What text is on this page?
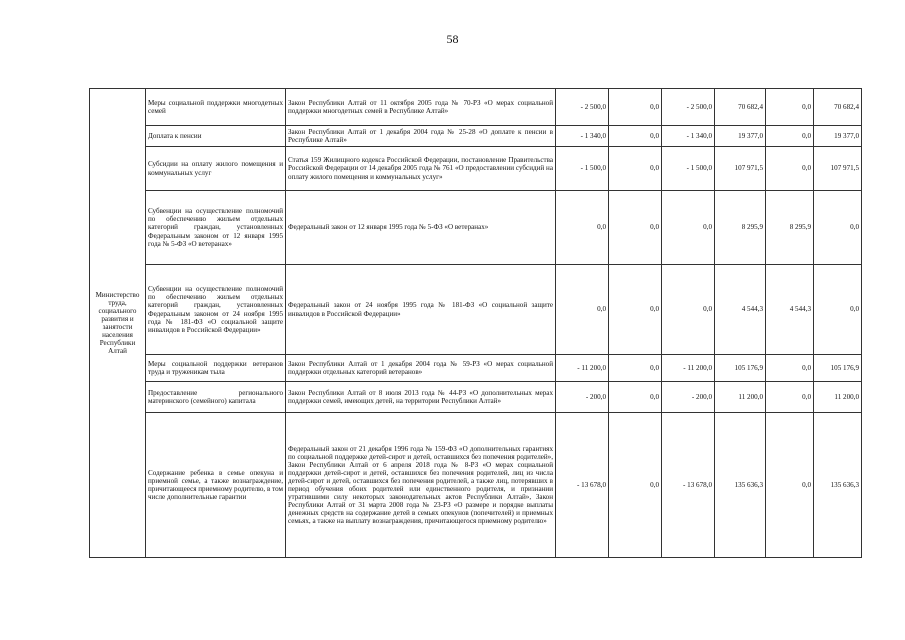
58
Министерство труда, социального развития и занятости населения Республики Алтай	Меры социальной поддержки многодетных семей	Закон Республики Алтай от 11 октября 2005 года № 70-РЗ «О мерах социальной поддержки многодетных семей в Республике Алтай»	- 2 500,0	0,0	- 2 500,0	70 682,4	0,0	70 682,4
	Доплата к пенсии	Закон Республики Алтай от 1 декабря 2004 года № 25-28 «О доплате к пенсии в Республике Алтай»	- 1 340,0	0,0	- 1 340,0	19 377,0	0,0	19 377,0
	Субсидии на оплату жилого помещения и коммунальных услуг	Статья 159 Жилищного кодекса Российской Федерации, постановление Правительства Российской Федерации от 14 декабря 2005 года № 761 «О предоставлении субсидий на оплату жилого помещения и коммунальных услуг»	- 1 500,0	0,0	- 1 500,0	107 971,5	0,0	107 971,5
	Субвенции на осуществление полномочий по обеспечению жильем отдельных категорий граждан, установленных Федеральным законом от 12 января 1995 года № 5-ФЗ «О ветеранах»	Федеральный закон от 12 января 1995 года № 5-ФЗ «О ветеранах»	0,0	0,0	0,0	8 295,9	8 295,9	0,0
	Субвенции на осуществление полномочий по обеспечению жильем отдельных категорий граждан, установленных Федеральным законом от 24 ноября 1995 года № 181-ФЗ «О социальной защите инвалидов в Российской Федерации»	Федеральный закон от 24 ноября 1995 года № 181-ФЗ «О социальной защите инвалидов в Российской Федерации»	0,0	0,0	0,0	4 544,3	4 544,3	0,0
	Меры социальной поддержки ветеранов труда и труженикам тыла	Закон Республики Алтай от 1 декабря 2004 года № 59-РЗ «О мерах социальной поддержки отдельных категорий ветеранов»	- 11 200,0	0,0	- 11 200,0	105 176,9	0,0	105 176,9
	Предоставление регионального материнского (семейного) капитала	Закон Республики Алтай от 8 июля 2013 года № 44-РЗ «О дополнительных мерах поддержки семей, имеющих детей, на территории Республики Алтай»	- 200,0	0,0	- 200,0	11 200,0	0,0	11 200,0
	Содержание ребенка в семье опекуна и приемной семье, а также вознаграждение, причитающееся приемному родителю, в том числе дополнительные гарантии	Федеральный закон от 21 декабря 1996 года № 159-ФЗ «О дополнительных гарантиях по социальной поддержке детей-сирот и детей, оставшихся без попечения родителей», Закон Республики Алтай от 6 апреля 2018 года № 8-РЗ «О мерах социальной поддержки детей-сирот и детей, оставшихся без попечения родителей, лиц из числа детей-сирот и детей, оставшихся без попечения родителей, а также лиц, потерявших в период обучения обоих родителей или единственного родителя, и признании утратившими силу некоторых законодательных актов Республики Алтай», Закон Республики Алтай от 31 марта 2008 года № 23-РЗ «О размере и порядке выплаты денежных средств на содержание детей в семьях опекунов (попечителей) и приемных семьях, а также на выплату вознаграждения, причитающегося приемному родителю»	- 13 678,0	0,0	- 13 678,0	135 636,3	0,0	135 636,3
